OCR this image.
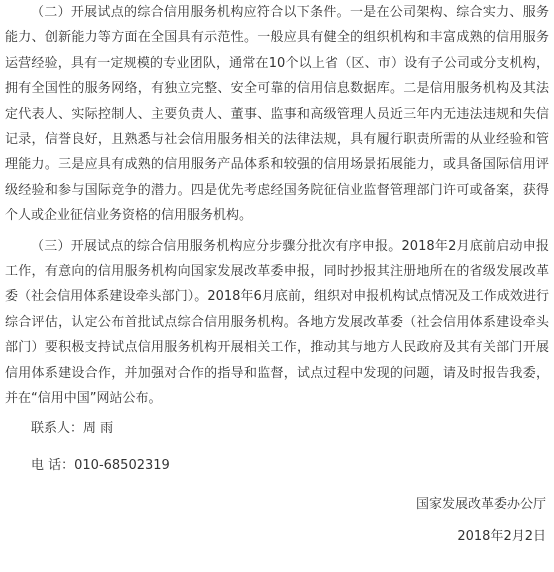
（二）开展试点的综合信用服务机构应符合以下条件。一是在公司架构、综合实力、服务能力、创新能力等方面在全国具有示范性。一般应具有健全的组织机构和丰富成熟的信用服务运营经验，具有一定规模的专业团队，通常在10个以上省（区、市）设有子公司或分支机构，拥有全国性的服务网络，有独立完整、安全可靠的信用信息数据库。二是信用服务机构及其法定代表人、实际控制人、主要负责人、董事、监事和高级管理人员近三年内无违法违规和失信记录，信誉良好，且熟悉与社会信用服务相关的法律法规，具有履行职责所需的从业经验和管理能力。三是应具有成熟的信用服务产品体系和较强的信用场景拓展能力，或具备国际信用评级经验和参与国际竞争的潜力。四是优先考虑经国务院征信业监督管理部门许可或备案，获得个人或企业征信业务资格的信用服务机构。

（三）开展试点的综合信用服务机构应分步骤分批次有序申报。2018年2月底前启动申报工作，有意向的信用服务机构向国家发展改革委申报，同时抄报其注册地所在的省级发展改革委（社会信用体系建设牵头部门）。2018年6月底前，组织对申报机构试点情况及工作成效进行综合评估，认定公布首批试点综合信用服务机构。各地方发展改革委（社会信用体系建设牵头部门）要积极支持试点信用服务机构开展相关工作，推动其与地方人民政府及其有关部门开展信用体系建设合作，并加强对合作的指导和监督，试点过程中发现的问题，请及时报告我委，并在“信用中国”网站公布。

联系人：周 雨

电 话：010-68502319

国家发展改革委办公厅

2018年2月2日
